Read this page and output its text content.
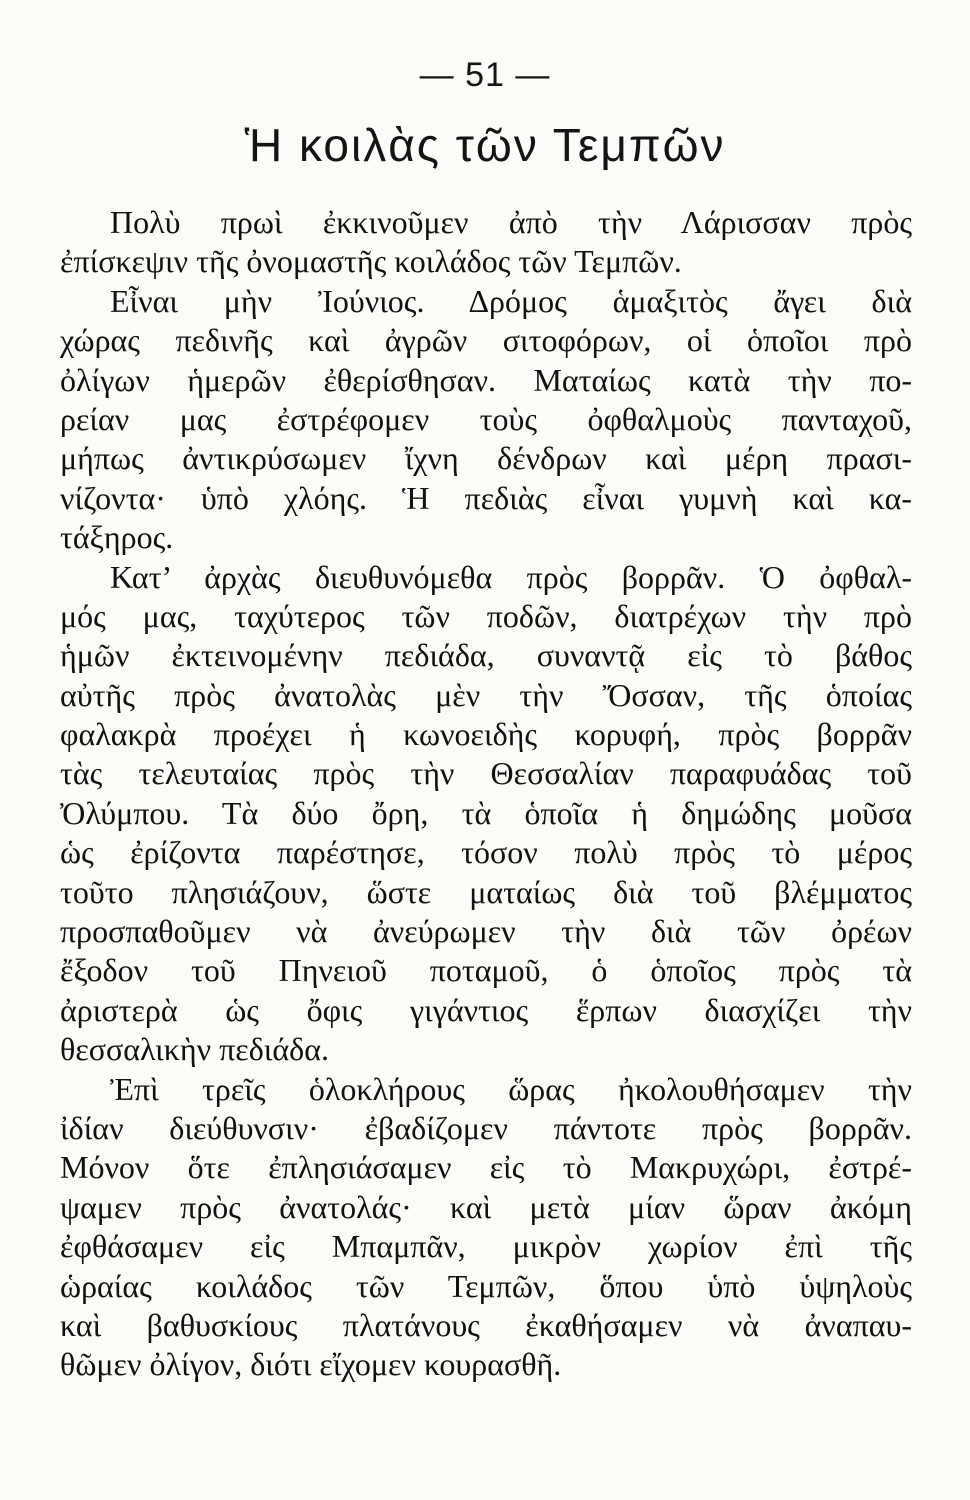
— 51 —
Ἡ κοιλὰς τῶν Τεμπῶν
Πολὺ πρωὶ ἐκκινοῦμεν ἀπὸ τὴν Λάρισσαν πρὸς
ἐπίσκεψιν τῆς ὀνομαστῆς κοιλάδος τῶν Τεμπῶν.
Εἶναι μὴν Ἰούνιος. Δρόμος ἁμαξιτὸς ἄγει διὰ
χώρας πεδινῆς καὶ ἀγρῶν σιτοφόρων, οἱ ὁποῖοι πρὸ
ὀλίγων ἡμερῶν ἐθερίσθησαν. Ματαίως κατὰ τὴν πο-
ρείαν μας ἐστρέφομεν τοὺς ὀφθαλμοὺς πανταχοῦ,
μήπως ἀντικρύσωμεν ἴχνη δένδρων καὶ μέρη πρασι-
νίζοντα· ὑπὸ χλόης. Ἡ πεδιὰς εἶναι γυμνὴ καὶ κα-
τάξηρος.
Κατ’ ἀρχὰς διευθυνόμεθα πρὸς βορρᾶν. Ὁ ὀφθαλ-
μός μας, ταχύτερος τῶν ποδῶν, διατρέχων τὴν πρὸ
ἡμῶν ἐκτεινομένην πεδιάδα, συναντᾷ εἰς τὸ βάθος
αὐτῆς πρὸς ἀνατολὰς μὲν τὴν Ὄσσαν, τῆς ὁποίας
φαλακρὰ προέχει ἡ κωνοειδὴς κορυφή, πρὸς βορρᾶν
τὰς τελευταίας πρὸς τὴν Θεσσαλίαν παραφυάδας τοῦ
Ὀλύμπου. Τὰ δύο ὄρη, τὰ ὁποῖα ἡ δημώδης μοῦσα
ὡς ἐρίζοντα παρέστησε, τόσον πολὺ πρὸς τὸ μέρος
τοῦτο πλησιάζουν, ὥστε ματαίως διὰ τοῦ βλέμματος
προσπαθοῦμεν νὰ ἀνεύρωμεν τὴν διὰ τῶν ὀρέων
ἔξοδον τοῦ Πηνειοῦ ποταμοῦ, ὁ ὁποῖος πρὸς τὰ
ἀριστερὰ ὡς ὄφις γιγάντιος ἕρπων διασχίζει τὴν
θεσσαλικὴν πεδιάδα.
Ἐπὶ τρεῖς ὁλοκλήρους ὥρας ἠκολουθήσαμεν τὴν
ἰδίαν διεύθυνσιν· ἐβαδίζομεν πάντοτε πρὸς βορρᾶν.
Μόνον ὅτε ἐπλησιάσαμεν εἰς τὸ Μακρυχώρι, ἐστρέ-
ψαμεν πρὸς ἀνατολάς· καὶ μετὰ μίαν ὥραν ἀκόμη
ἐφθάσαμεν εἰς Μπαμπᾶν, μικρὸν χωρίον ἐπὶ τῆς
ὡραίας κοιλάδος τῶν Τεμπῶν, ὅπου ὑπὸ ὑψηλοὺς
καὶ βαθυσκίους πλατάνους ἐκαθήσαμεν νὰ ἀναπαυ-
θῶμεν ὀλίγον, διότι εἴχομεν κουρασθῆ.
